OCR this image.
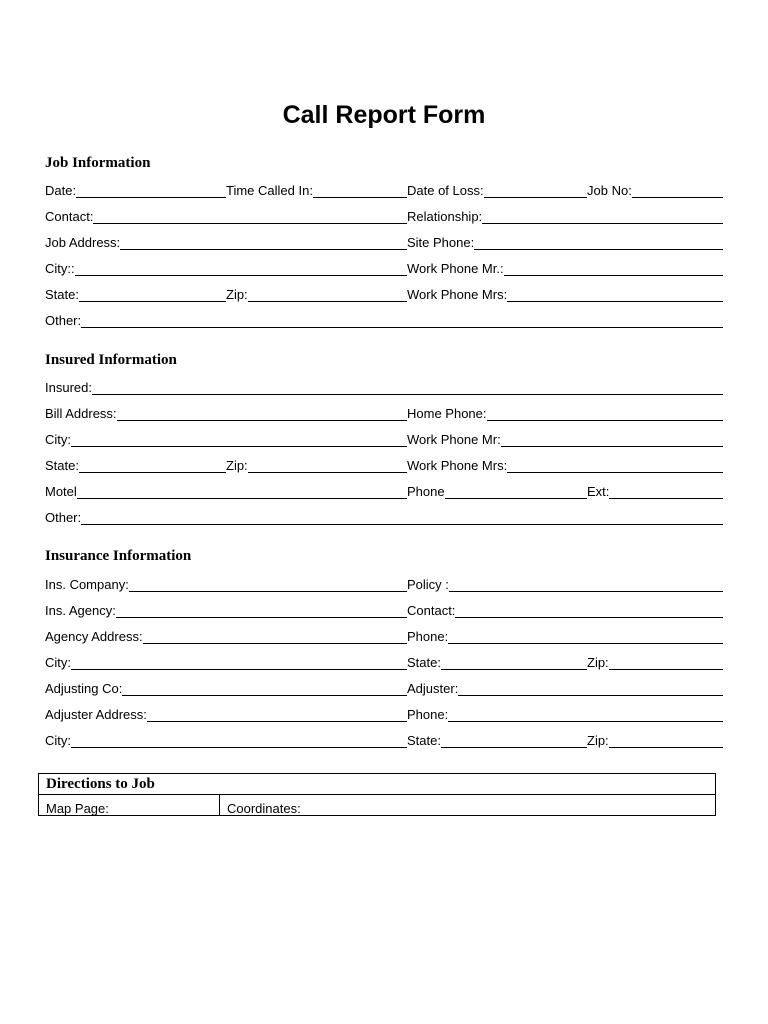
Call Report Form
Job Information
Date:	Time Called In:	Date of Loss:	Job No:
Contact:	Relationship:
Job Address:	Site Phone:
City::	Work Phone Mr.:
State:	Zip:	Work Phone Mrs:
Other:
Insured Information
Insured:
Bill Address:	Home Phone:
City:	Work Phone Mr:
State:	Zip:	Work Phone Mrs:
Motel	Phone	Ext:
Other:
Insurance Information
Ins. Company:	Policy :
Ins. Agency:	Contact:
Agency Address:	Phone:
City:	State:	Zip:
Adjusting Co:	Adjuster:
Adjuster Address:	Phone:
City:	State:	Zip:
Directions to Job
Map Page:	Coordinates:
